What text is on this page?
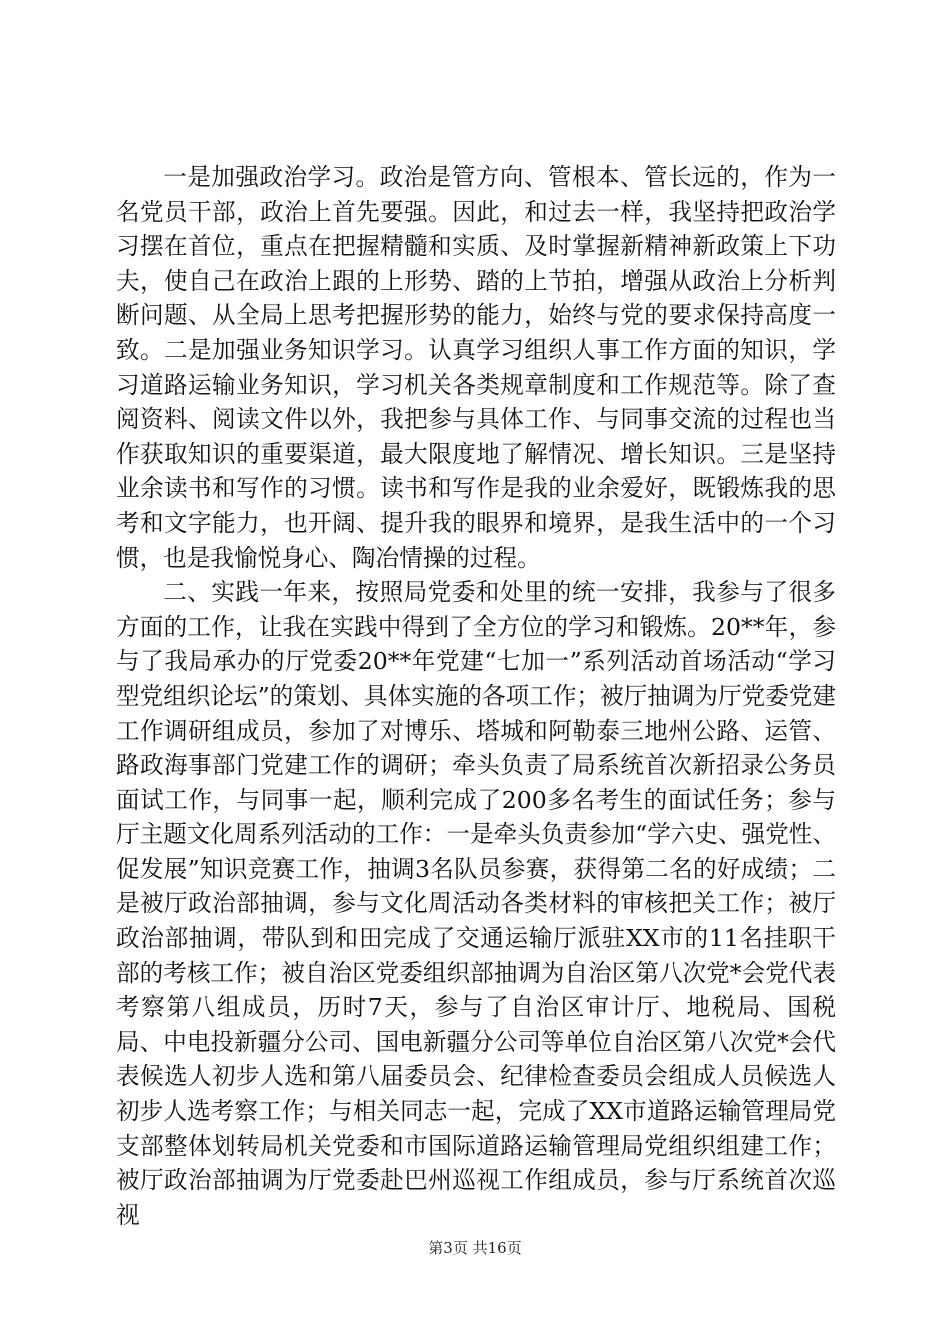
一是加强政治学习。政治是管方向、管根本、管长远的，作为一名党员干部，政治上首先要强。因此，和过去一样，我坚持把政治学习摆在首位，重点在把握精髓和实质、及时掌握新精神新政策上下功夫，使自己在政治上跟的上形势、踏的上节拍，增强从政治上分析判断问题、从全局上思考把握形势的能力，始终与党的要求保持高度一致。二是加强业务知识学习。认真学习组织人事工作方面的知识，学习道路运输业务知识，学习机关各类规章制度和工作规范等。除了查阅资料、阅读文件以外，我把参与具体工作、与同事交流的过程也当作获取知识的重要渠道，最大限度地了解情况、增长知识。三是坚持业余读书和写作的习惯。读书和写作是我的业余爱好，既锻炼我的思考和文字能力，也开阔、提升我的眼界和境界，是我生活中的一个习惯，也是我愉悦身心、陶冶情操的过程。

二、实践一年来，按照局党委和处里的统一安排，我参与了很多方面的工作，让我在实践中得到了全方位的学习和锻炼。20**年，参与了我局承办的厅党委20**年党建“七加一”系列活动首场活动“学习型党组织论坛”的策划、具体实施的各项工作；被厅抽调为厅党委党建工作调研组成员，参加了对博乐、塔城和阿勒泰三地州公路、运管、路政海事部门党建工作的调研；牵头负责了局系统首次新招录公务员面试工作，与同事一起，顺利完成了200多名考生的面试任务；参与厅主题文化周系列活动的工作：一是牵头负责参加“学六史、强党性、促发展”知识竞赛工作，抽调3名队员参赛，获得第二名的好成绩；二是被厅政治部抽调，参与文化周活动各类材料的审核把关工作；被厅政治部抽调，带队到和田完成了交通运输厅派驻XX市的11名挂职干部的考核工作；被自治区党委组织部抽调为自治区第八次党*会党代表考察第八组成员，历时7天，参与了自治区审计厅、地税局、国税局、中电投新疆分公司、国电新疆分公司等单位自治区第八次党*会代表候选人初步人选和第八届委员会、纪律检查委员会组成人员候选人初步人选考察工作；与相关同志一起，完成了XX市道路运输管理局党支部整体划转局机关党委和市国际道路运输管理局党组织组建工作；被厅政治部抽调为厅党委赴巴州巡视工作组成员，参与厅系统首次巡视

第3页 共16页
